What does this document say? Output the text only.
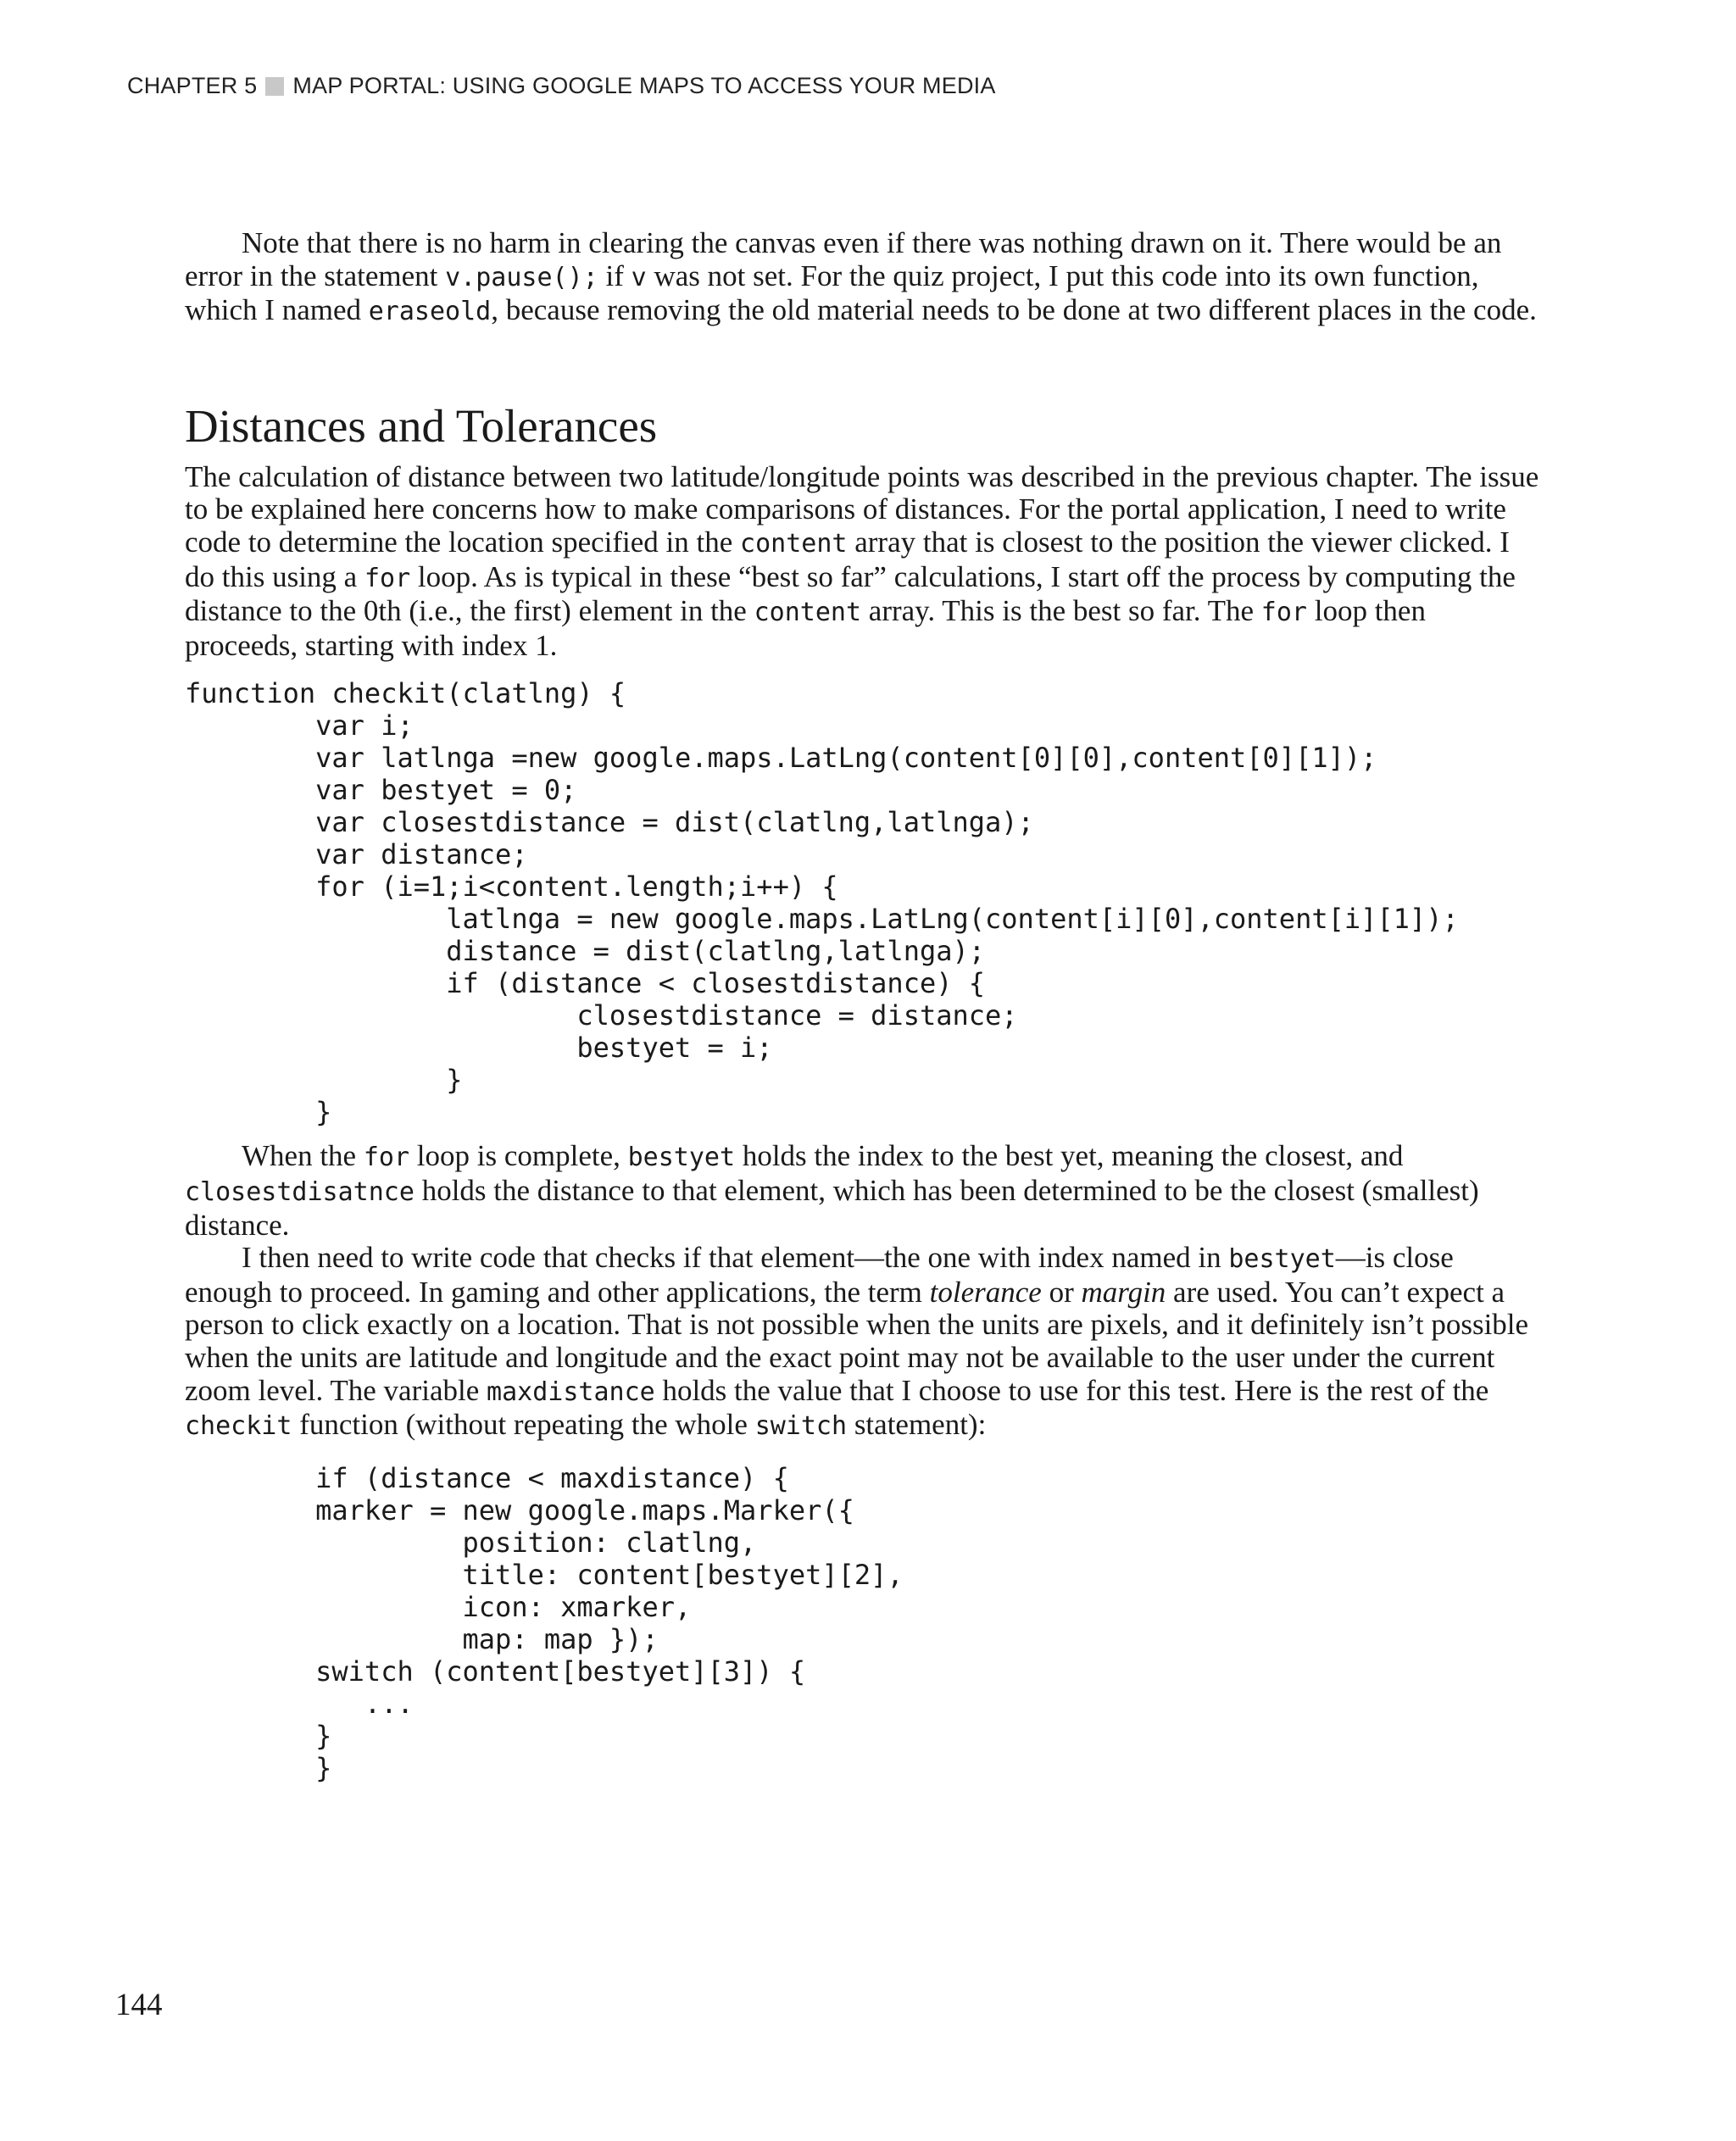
CHAPTER 5 MAP PORTAL: USING GOOGLE MAPS TO ACCESS YOUR MEDIA

Note that there is no harm in clearing the canvas even if there was nothing drawn on it. There would be an error in the statement v.pause(); if v was not set. For the quiz project, I put this code into its own function, which I named eraseold, because removing the old material needs to be done at two different places in the code.

Distances and Tolerances

The calculation of distance between two latitude/longitude points was described in the previous chapter. The issue to be explained here concerns how to make comparisons of distances. For the portal application, I need to write code to determine the location specified in the content array that is closest to the position the viewer clicked. I do this using a for loop. As is typical in these “best so far” calculations, I start off the process by computing the distance to the 0th (i.e., the first) element in the content array. This is the best so far. The for loop then proceeds, starting with index 1.

function checkit(clatlng) {
var i;
var latlnga =new google.maps.LatLng(content[0][0],content[0][1]);
var bestyet = 0;
var closestdistance = dist(clatlng,latlnga);
var distance;
for (i=1;i<content.length;i++) {
latlnga = new google.maps.LatLng(content[i][0],content[i][1]);
distance = dist(clatlng,latlnga);
if (distance < closestdistance) {
closestdistance = distance;
bestyet = i;
}
}

When the for loop is complete, bestyet holds the index to the best yet, meaning the closest, and closestdisatnce holds the distance to that element, which has been determined to be the closest (smallest) distance.

I then need to write code that checks if that element—the one with index named in bestyet—is close enough to proceed. In gaming and other applications, the term tolerance or margin are used. You can’t expect a person to click exactly on a location. That is not possible when the units are pixels, and it definitely isn’t possible when the units are latitude and longitude and the exact point may not be available to the user under the current zoom level. The variable maxdistance holds the value that I choose to use for this test. Here is the rest of the checkit function (without repeating the whole switch statement):

if (distance < maxdistance) {
marker = new google.maps.Marker({
position: clatlng,
title: content[bestyet][2],
icon: xmarker,
map: map });
switch (content[bestyet][3]) {
...
}
}
144
